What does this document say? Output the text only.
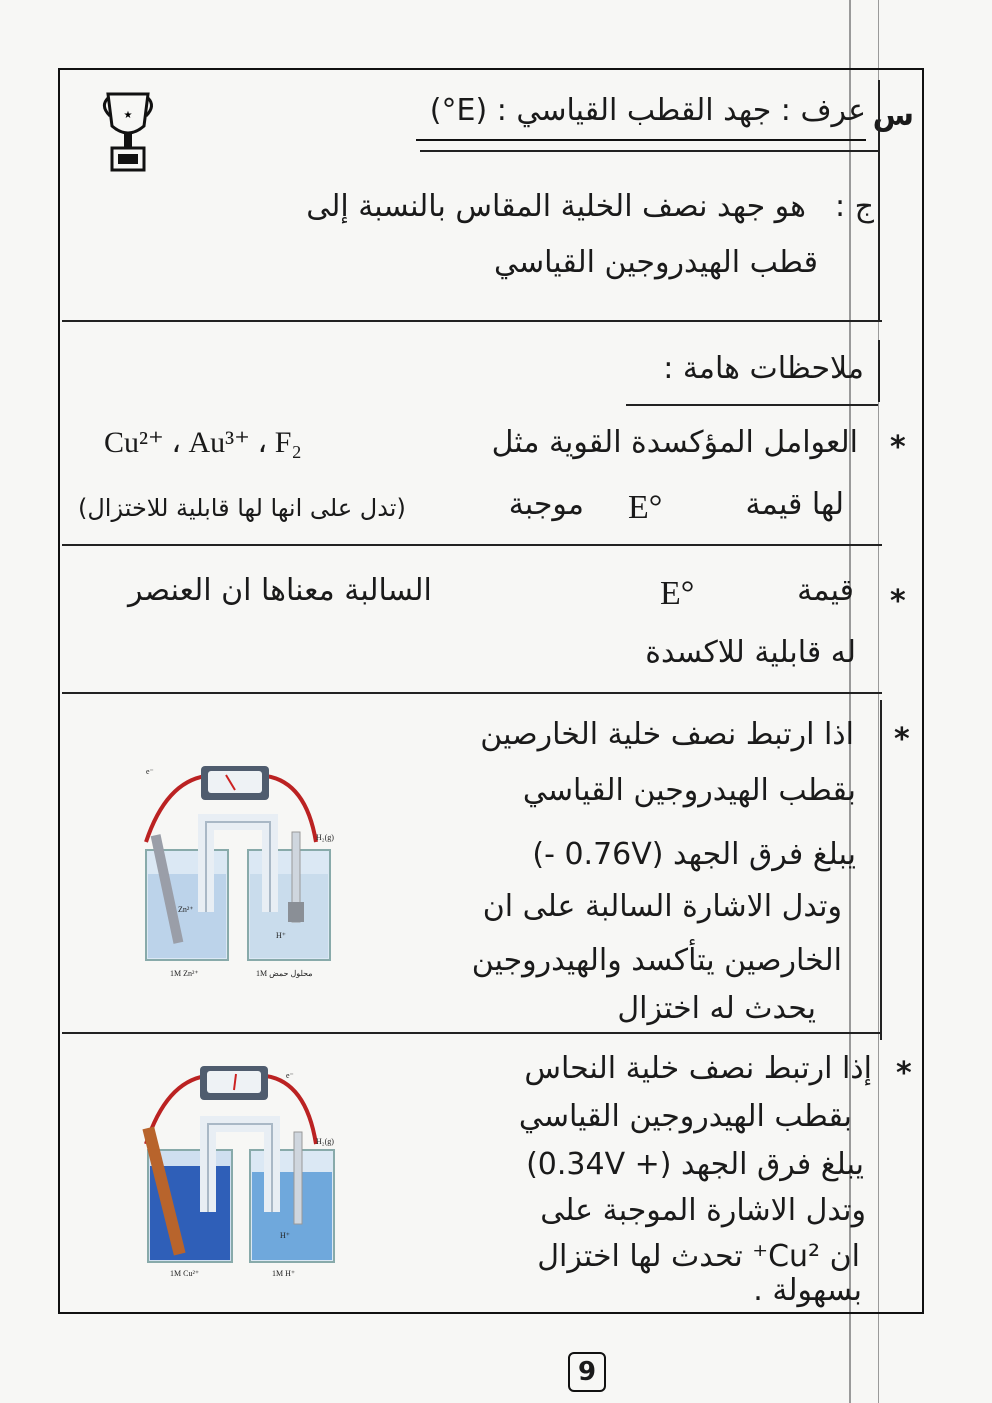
★	س
عرف : جهد القطب القياسي : (E°)
ج :
هو جهد نصف الخلية المقاس بالنسبة إلى
قطب الهيدروجين القياسي
ملاحظات هامة :
*
العوامل المؤكسدة القوية مثل
Cu²⁺ ، Au³⁺ ، F₂
لها قيمة
E°
موجبة
(تدل على انها لها قابلية للاختزال)
*
قيمة
E°
السالبة معناها ان العنصر
له قابلية للاكسدة
*
اذا ارتبط نصف خلية الخارصين
بقطب الهيدروجين القياسي
يبلغ فرق الجهد (0.76V -)
وتدل الاشارة السالبة على ان
الخارصين يتأكسد والهيدروجين
يحدث له اختزال
Zn²⁺
H⁺
H₂(g)
e⁻
1M Zn²⁺	1M محلول حمض
*
إذا ارتبط نصف خلية النحاس
بقطب الهيدروجين القياسي
يبلغ فرق الجهد (+ 0.34V)
وتدل الاشارة الموجبة على
ان Cu²⁺ تحدث لها اختزال
بسهولة .
H⁺
H₂(g)
e⁻
1M Cu²⁺	1M H⁺
9
